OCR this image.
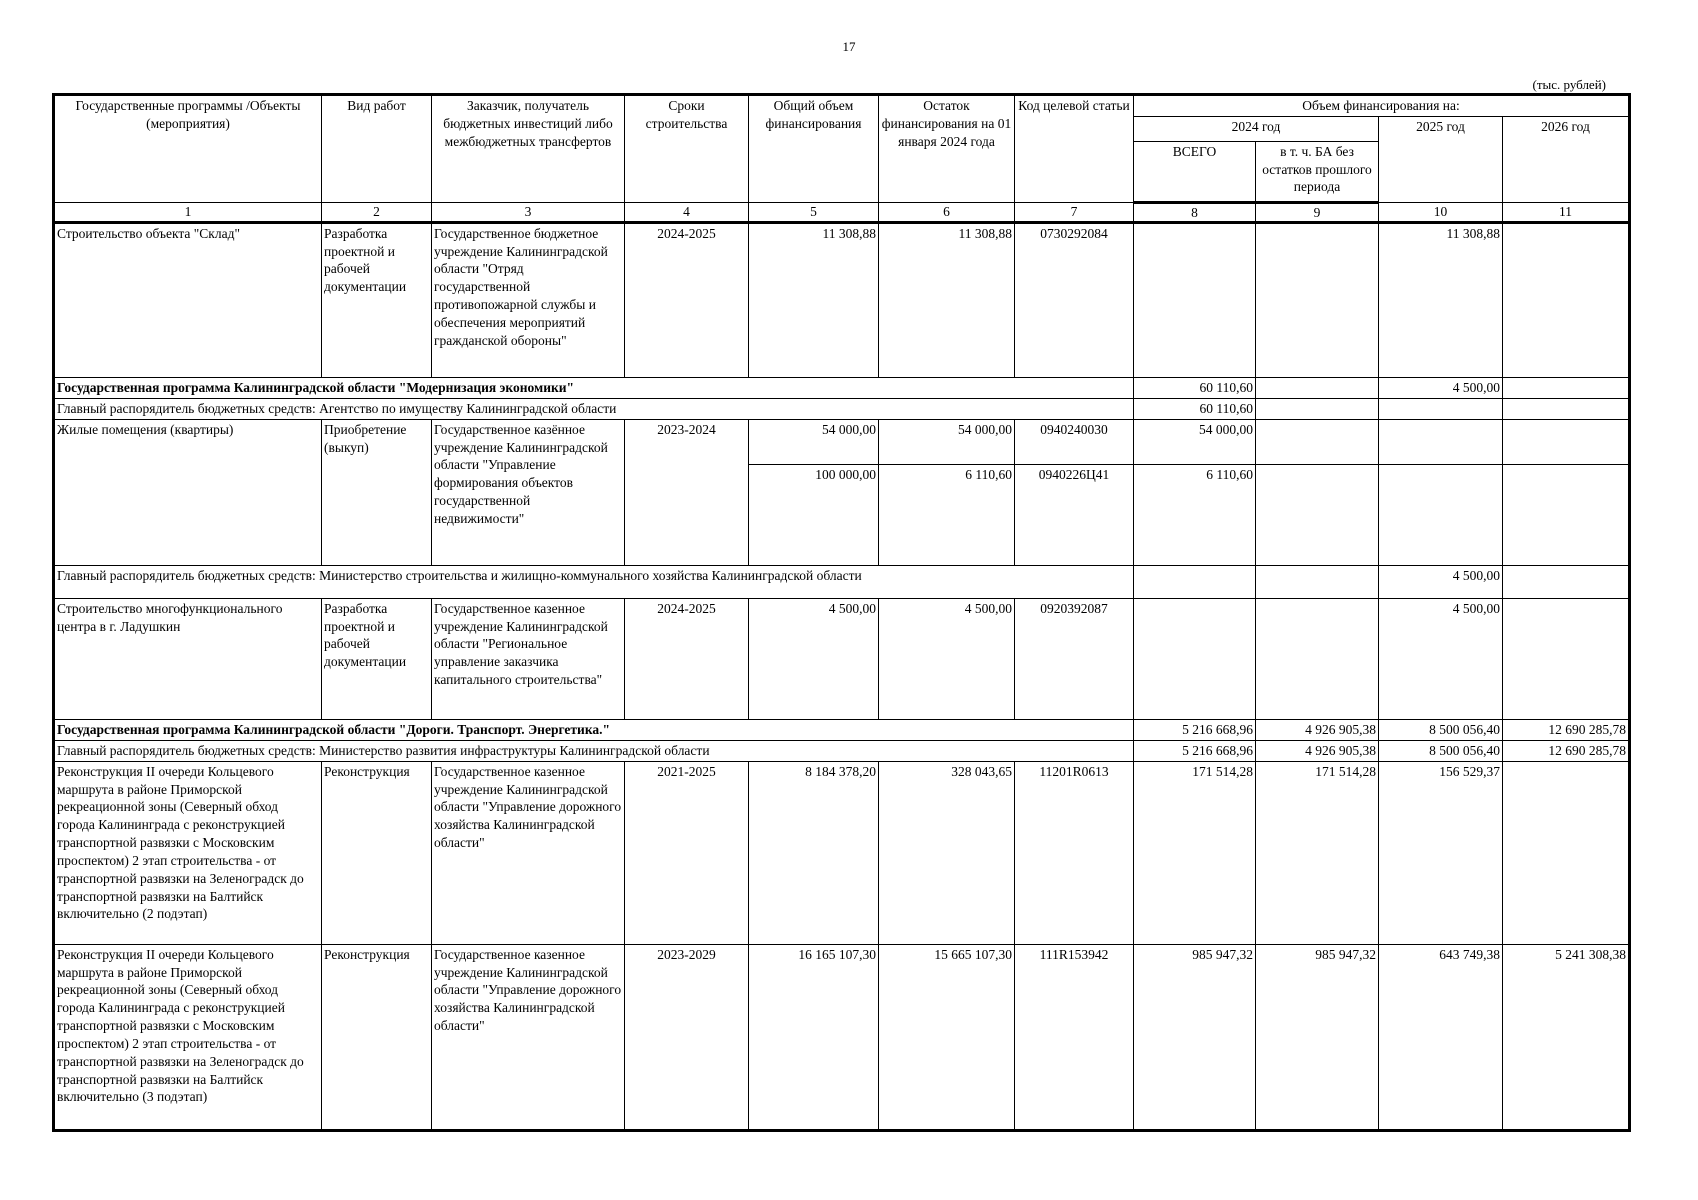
17
(тыс. рублей)
Государственные программы /Объекты (мероприятия)	Вид работ	Заказчик, получатель бюджетных инвестиций либо межбюджетных трансфертов	Сроки строительства	Общий объем финансирования	Остаток финансирования на 01 января 2024 года	Код целевой статьи	Объем финансирования на:			
							2024 год		2025 год	2026 год
							ВСЕГО	в т. ч. БА без остатков прошлого периода		
1	2	3	4	5	6	7	8	9	10	11
Строительство объекта "Склад"	Разработка проектной и рабочей документации	Государственное бюджетное учреждение Калининградской области "Отряд государственной противопожарной службы и обеспечения мероприятий гражданской обороны"	2024-2025	11 308,88	11 308,88	0730292084			11 308,88	
Государственная программа Калининградской области "Модернизация экономики"							60 110,60		4 500,00	
Главный распорядитель бюджетных средств: Агентство по имуществу Калининградской области							60 110,60			
Жилые помещения (квартиры)	Приобретение (выкуп)	Государственное казённое учреждение Калининградской области "Управление формирования объектов государственной недвижимости"	2023-2024	54 000,00	54 000,00	0940240030	54 000,00			
				100 000,00	6 110,60	0940226Ц41	6 110,60			
Главный распорядитель бюджетных средств: Министерство строительства и жилищно-коммунального хозяйства Калининградской области									4 500,00	
Строительство многофункционального центра в г. Ладушкин	Разработка проектной и рабочей документации	Государственное казенное учреждение Калининградской области "Региональное управление заказчика капитального строительства"	2024-2025	4 500,00	4 500,00	0920392087			4 500,00	
Государственная программа Калининградской области "Дороги. Транспорт. Энергетика."							5 216 668,96	4 926 905,38	8 500 056,40	12 690 285,78
Главный распорядитель бюджетных средств: Министерство развития инфраструктуры Калининградской области							5 216 668,96	4 926 905,38	8 500 056,40	12 690 285,78
Реконструкция II очереди Кольцевого маршрута в районе Приморской рекреационной зоны (Северный обход города Калининграда с реконструкцией транспортной развязки с Московским проспектом) 2 этап строительства - от транспортной развязки на Зеленоградск до транспортной развязки на Балтийск включительно (2 подэтап)	Реконструкция	Государственное казенное учреждение Калининградской области "Управление дорожного хозяйства Калининградской области"	2021-2025	8 184 378,20	328 043,65	11201R0613	171 514,28	171 514,28	156 529,37	
Реконструкция II очереди Кольцевого маршрута в районе Приморской рекреационной зоны (Северный обход города Калининграда с реконструкцией транспортной развязки с Московским проспектом) 2 этап строительства - от транспортной развязки на Зеленоградск до транспортной развязки на Балтийск включительно (3 подэтап)	Реконструкция	Государственное казенное учреждение Калининградской области "Управление дорожного хозяйства Калининградской области"	2023-2029	16 165 107,30	15 665 107,30	111R153942	985 947,32	985 947,32	643 749,38	5 241 308,38
